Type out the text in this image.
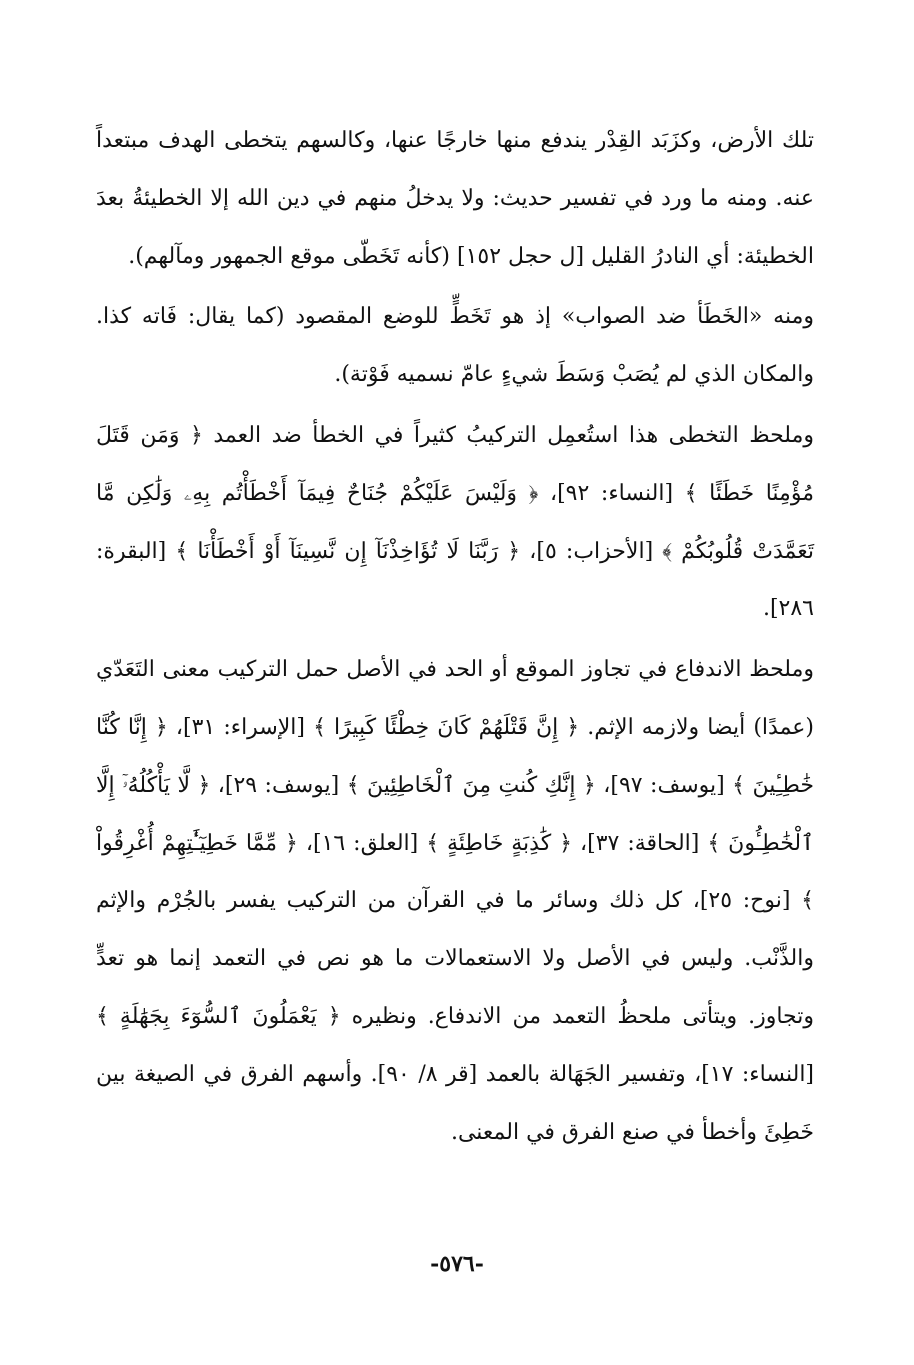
تلك الأرض، وكزَبَد القِدْر يندفع منها خارجًا عنها، وكالسهم يتخطى الهدف مبتعداً عنه. ومنه ما ورد في تفسير حديث: ولا يدخلُ منهم في دين الله إلا الخطيئةُ بعدَ الخطيئة: أي النادرُ القليل [ل حجل ١٥٢] (كأنه تَخَطّى موقع الجمهور ومآلهم).

ومنه «الخَطَأ ضد الصواب» إذ هو تَخَطٍّ للوضع المقصود (كما يقال: فَاته كذا. والمكان الذي لم يُصَبْ وَسَطَ شيءٍ عامّ نسميه فَوْتة).

وملحظ التخطى هذا استُعمِل التركيبُ كثيراً في الخطأ ضد العمد ﴿ وَمَن قَتَلَ مُؤْمِنًا خَطَئًا ﴾ [النساء: ٩٢]، ﴿ وَلَيْسَ عَلَيْكُمْ جُنَاحٌ فِيمَآ أَخْطَأْتُم بِهِۦ وَلَٰكِن مَّا تَعَمَّدَتْ قُلُوبُكُمْ ﴾ [الأحزاب: ٥]، ﴿ رَبَّنَا لَا تُؤَاخِذْنَآ إِن نَّسِينَآ أَوْ أَخْطَأْنَا ﴾ [البقرة: ٢٨٦].

وملحظ الاندفاع في تجاوز الموقع أو الحد في الأصل حمل التركيب معنى التَعَدّي (عمدًا) أيضا ولازمه الإثم. ﴿ إِنَّ قَتْلَهُمْ كَانَ خِطْئًا كَبِيرًا ﴾ [الإسراء: ٣١]، ﴿ إِنَّا كُنَّا خَٰطِـِٔينَ ﴾ [يوسف: ٩٧]، ﴿ إِنَّكِ كُنتِ مِنَ ٱلْخَاطِئِينَ ﴾ [يوسف: ٢٩]، ﴿ لَّا يَأْكُلُهُۥٓ إِلَّا ٱلْخَٰطِـُٔونَ ﴾ [الحاقة: ٣٧]، ﴿ كَٰذِبَةٍ خَاطِئَةٍ ﴾ [العلق: ١٦]، ﴿ مِّمَّا خَطِيٓـَٰٔتِهِمْ أُغْرِقُواْ ﴾ [نوح: ٢٥]، كل ذلك وسائر ما في القرآن من التركيب يفسر بالجُرْم والإثم والذَّنْب. وليس في الأصل ولا الاستعمالات ما هو نص في التعمد إنما هو تعدٍّ وتجاوز. ويتأتى ملحظُ التعمد من الاندفاع. ونظيره ﴿ يَعْمَلُونَ ٱلسُّوٓءَ بِجَهَٰلَةٍ ﴾ [النساء: ١٧]، وتفسير الجَهَالة بالعمد [قر ٨/ ٩٠]. وأسهم الفرق في الصيغة بين خَطِئَ وأخطأ في صنع الفرق في المعنى.

-٥٧٦-
